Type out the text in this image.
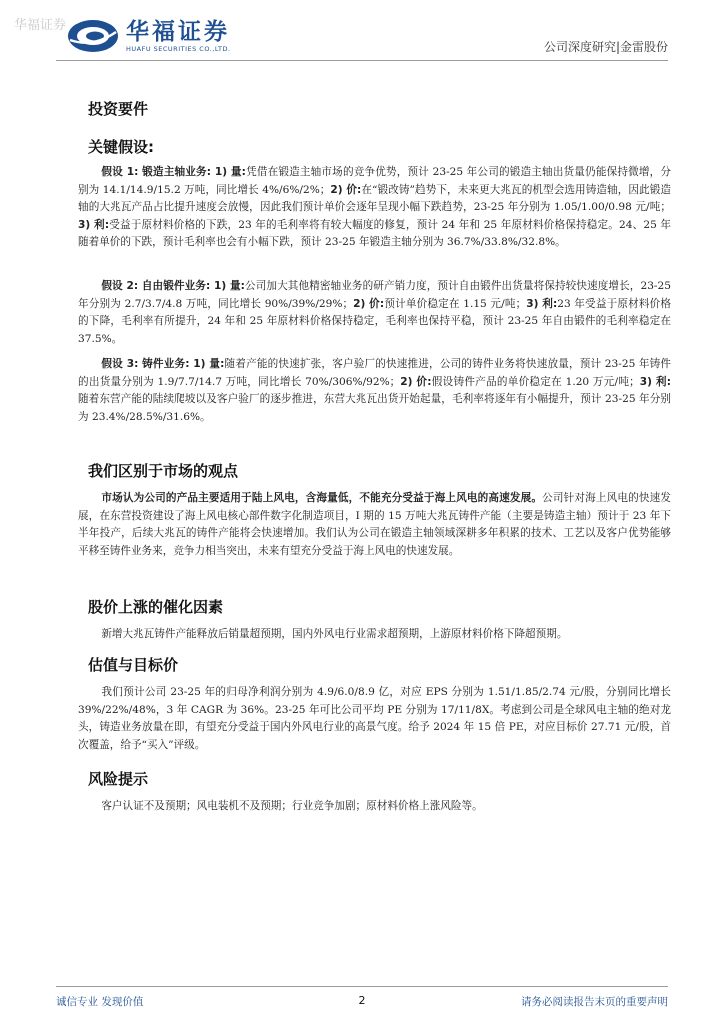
华福证券	华福证券
HUAFU SECURITIES CO.,LTD.	公司深度研究|金雷股份
投资要件
关键假设:
假设 1: 锻造主轴业务: 1) 量:凭借在锻造主轴市场的竞争优势，预计 23-25 年公司的锻造主轴出货量仍能保持微增，分别为 14.1/14.9/15.2 万吨，同比增长 4%/6%/2%；2) 价:在“锻改铸”趋势下，未来更大兆瓦的机型会选用铸造轴，因此锻造轴的大兆瓦产品占比提升速度会放慢，因此我们预计单价会逐年呈现小幅下跌趋势，23-25 年分别为 1.05/1.00/0.98 元/吨；3) 利:受益于原材料价格的下跌，23 年的毛利率将有较大幅度的修复，预计 24 年和 25 年原材料价格保持稳定。24、25 年随着单价的下跌，预计毛利率也会有小幅下跌，预计 23-25 年锻造主轴分别为 36.7%/33.8%/32.8%。
假设 2: 自由锻件业务: 1) 量:公司加大其他精密轴业务的研产销力度，预计自由锻件出货量将保持较快速度增长，23-25 年分别为 2.7/3.7/4.8 万吨，同比增长 90%/39%/29%；2) 价:预计单价稳定在 1.15 元/吨；3) 利:23 年受益于原材料价格的下降，毛利率有所提升，24 年和 25 年原材料价格保持稳定，毛利率也保持平稳，预计 23-25 年自由锻件的毛利率稳定在 37.5%。
假设 3: 铸件业务: 1) 量:随着产能的快速扩张，客户验厂的快速推进，公司的铸件业务将快速放量，预计 23-25 年铸件的出货量分别为 1.9/7.7/14.7 万吨，同比增长 70%/306%/92%；2) 价:假设铸件产品的单价稳定在 1.20 万元/吨；3) 利:随着东营产能的陆续爬坡以及客户验厂的逐步推进，东营大兆瓦出货开始起量，毛利率将逐年有小幅提升，预计 23-25 年分别为 23.4%/28.5%/31.6%。
我们区别于市场的观点
市场认为公司的产品主要适用于陆上风电，含海量低，不能充分受益于海上风电的高速发展。公司针对海上风电的快速发展，在东营投资建设了海上风电核心部件数字化制造项目，I 期的 15 万吨大兆瓦铸件产能（主要是铸造主轴）预计于 23 年下半年投产，后续大兆瓦的铸件产能将会快速增加。我们认为公司在锻造主轴领域深耕多年积累的技术、工艺以及客户优势能够平移至铸件业务来，竞争力相当突出，未来有望充分受益于海上风电的快速发展。
股价上涨的催化因素
新增大兆瓦铸件产能释放后销量超预期，国内外风电行业需求超预期，上游原材料价格下降超预期。
估值与目标价
我们预计公司 23-25 年的归母净利润分别为 4.9/6.0/8.9 亿，对应 EPS 分别为 1.51/1.85/2.74 元/股，分别同比增长 39%/22%/48%，3 年 CAGR 为 36%。23-25 年可比公司平均 PE 分别为 17/11/8X。考虑到公司是全球风电主轴的绝对龙头，铸造业务放量在即，有望充分受益于国内外风电行业的高景气度。给予 2024 年 15 倍 PE，对应目标价 27.71 元/股，首次覆盖，给予“买入”评级。
风险提示
客户认证不及预期；风电装机不及预期；行业竞争加剧；原材料价格上涨风险等。
诚信专业 发现价值	2	请务必阅读报告末页的重要声明
